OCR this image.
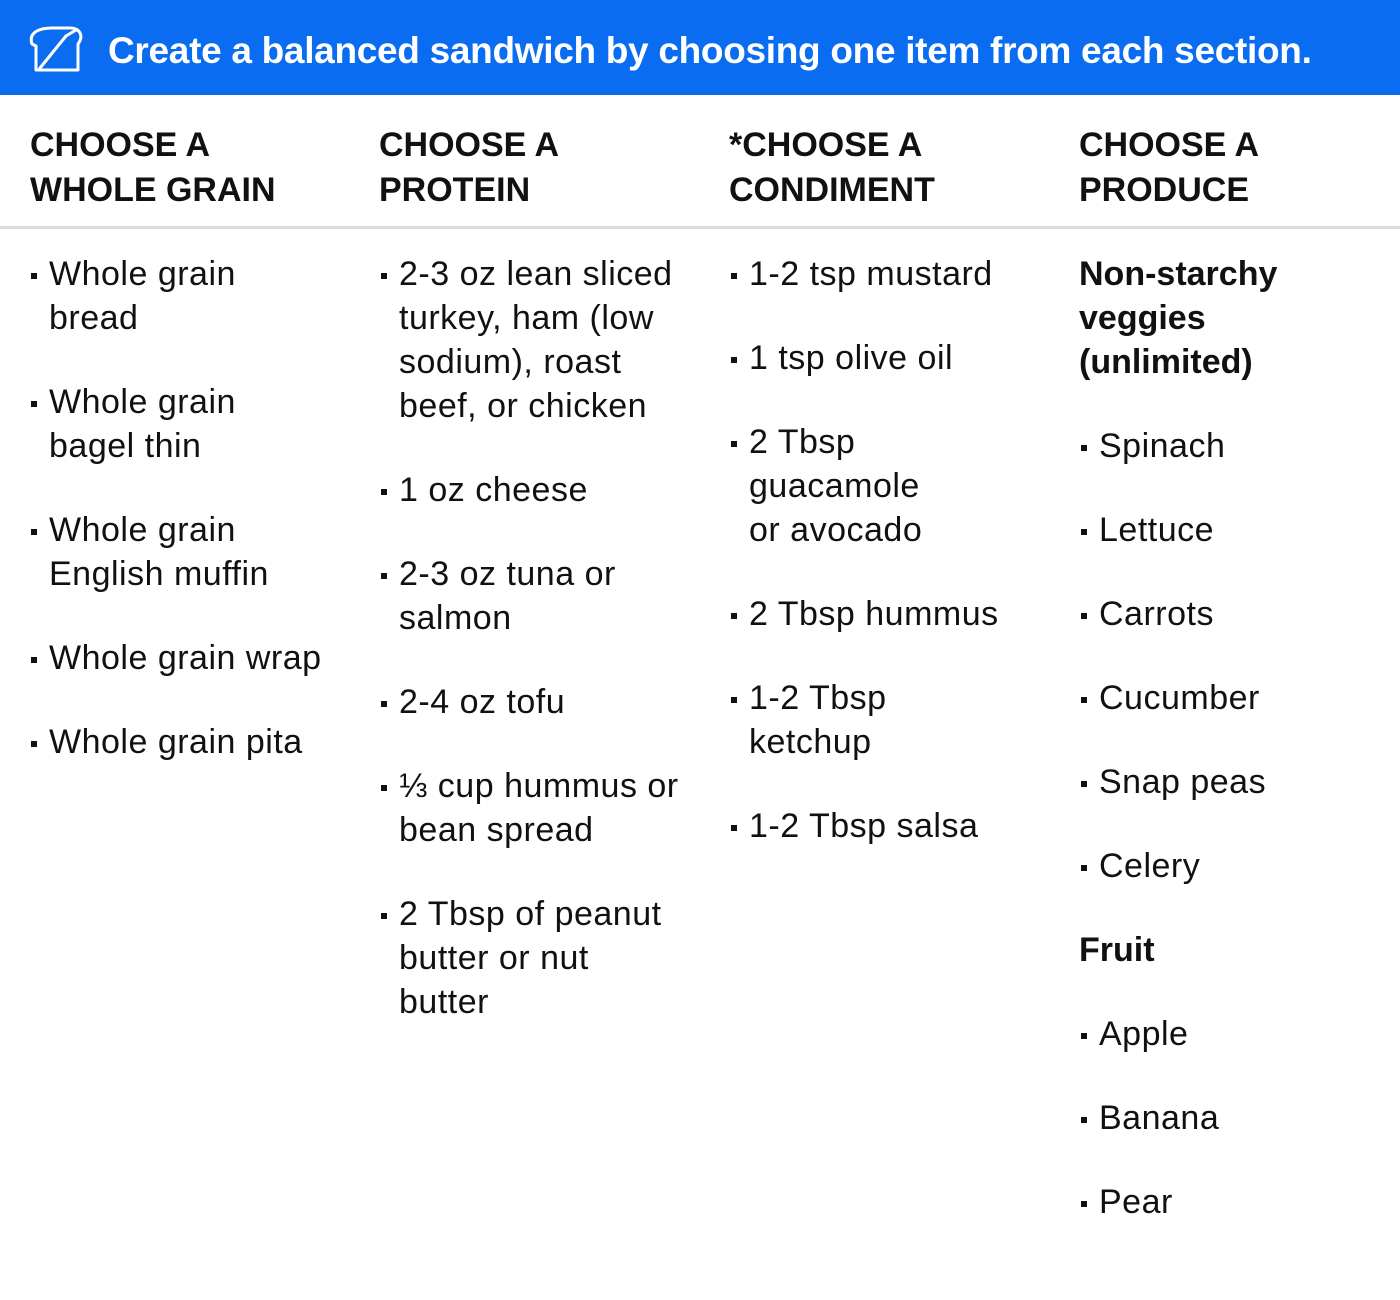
Create a balanced sandwich by choosing one item from each section.
CHOOSE A
WHOLE GRAIN
CHOOSE A
PROTEIN
*CHOOSE A
CONDIMENT
CHOOSE A
PRODUCE
Whole grain bread
Whole grain bagel thin
Whole grain English muffin
Whole grain wrap
Whole grain pita
2-3 oz lean sliced turkey, ham (low sodium), roast beef, or chicken
1 oz cheese
2-3 oz tuna or salmon
2-4 oz tofu
⅓ cup hummus or bean spread
2 Tbsp of peanut butter or nut butter
1-2 tsp mustard
1 tsp olive oil
2 Tbsp guacamole or avocado
2 Tbsp hummus
1-2 Tbsp ketchup
1-2 Tbsp salsa
Non-starchy veggies (unlimited)
Spinach
Lettuce
Carrots
Cucumber
Snap peas
Celery
Fruit
Apple
Banana
Pear
